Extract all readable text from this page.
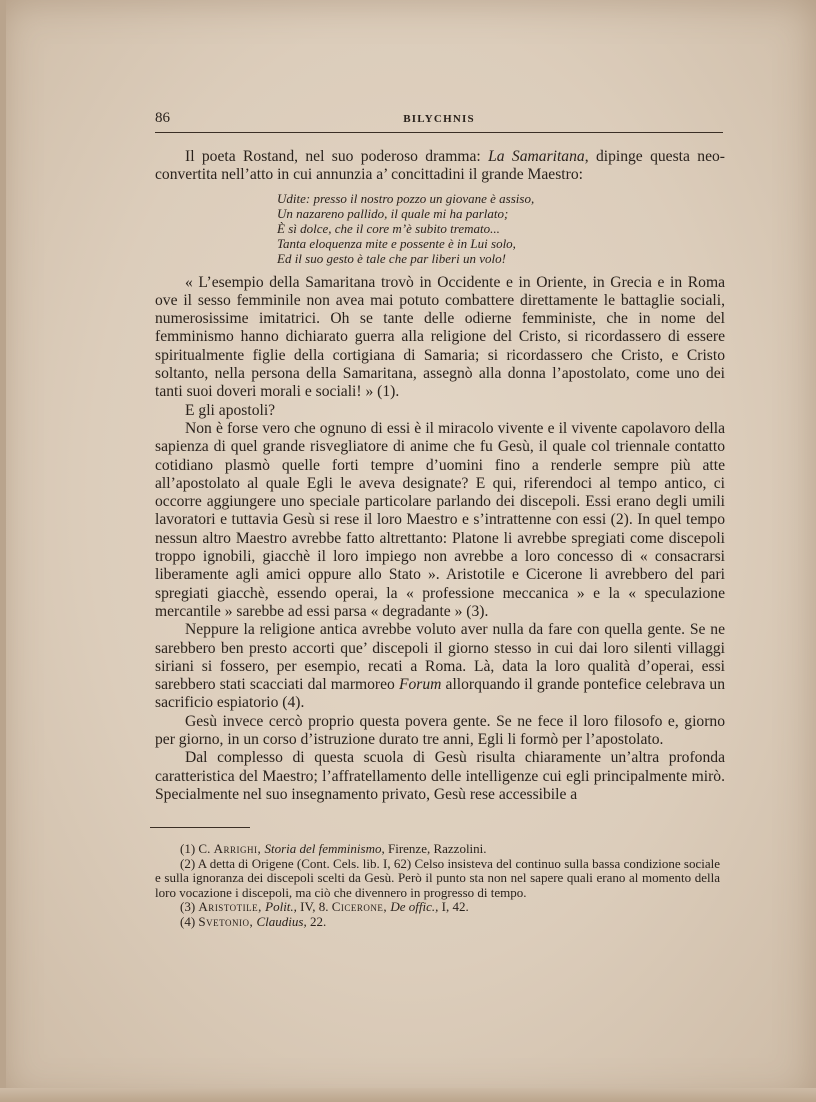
86	BILYCHNIS

Il poeta Rostand, nel suo poderoso dramma: La Samaritana, dipinge questa neo-convertita nell’atto in cui annunzia a’ concittadini il grande Maestro:

Udite: presso il nostro pozzo un giovane è assiso,
Un nazareno pallido, il quale mi ha parlato;
È sì dolce, che il core m’è subito tremato...
Tanta eloquenza mite e possente è in Lui solo,
Ed il suo gesto è tale che par liberi un volo!

« L’esempio della Samaritana trovò in Occidente e in Oriente, in Grecia e in Roma ove il sesso femminile non avea mai potuto combattere direttamente le battaglie sociali, numerosissime imitatrici. Oh se tante delle odierne femministe, che in nome del femminismo hanno dichiarato guerra alla religione del Cristo, si ricordassero di essere spiritualmente figlie della cortigiana di Samaria; si ricordassero che Cristo, e Cristo soltanto, nella persona della Samaritana, assegnò alla donna l’apostolato, come uno dei tanti suoi doveri morali e sociali! » (1).

E gli apostoli?

Non è forse vero che ognuno di essi è il miracolo vivente e il vivente capolavoro della sapienza di quel grande risvegliatore di anime che fu Gesù, il quale col triennale contatto cotidiano plasmò quelle forti tempre d’uomini fino a renderle sempre più atte all’apostolato al quale Egli le aveva designate? E qui, riferendoci al tempo antico, ci occorre aggiungere uno speciale particolare parlando dei discepoli. Essi erano degli umili lavoratori e tuttavia Gesù si rese il loro Maestro e s’intrattenne con essi (2). In quel tempo nessun altro Maestro avrebbe fatto altrettanto: Platone li avrebbe spregiati come discepoli troppo ignobili, giacchè il loro impiego non avrebbe a loro concesso di « consacrarsi liberamente agli amici oppure allo Stato ». Aristotile e Cicerone li avrebbero del pari spregiati giacchè, essendo operai, la « professione meccanica » e la « speculazione mercantile » sarebbe ad essi parsa « degradante » (3).

Neppure la religione antica avrebbe voluto aver nulla da fare con quella gente. Se ne sarebbero ben presto accorti que’ discepoli il giorno stesso in cui dai loro silenti villaggi siriani si fossero, per esempio, recati a Roma. Là, data la loro qualità d’operai, essi sarebbero stati scacciati dal marmoreo Forum allorquando il grande pontefice celebrava un sacrificio espiatorio (4).

Gesù invece cercò proprio questa povera gente. Se ne fece il loro filosofo e, giorno per giorno, in un corso d’istruzione durato tre anni, Egli li formò per l’apostolato.

Dal complesso di questa scuola di Gesù risulta chiaramente un’altra profonda caratteristica del Maestro; l’affratellamento delle intelligenze cui egli principalmente mirò. Specialmente nel suo insegnamento privato, Gesù rese accessibile a

(1) C. Arrighi, Storia del femminismo, Firenze, Razzolini.

(2) A detta di Origene (Cont. Cels. lib. I, 62) Celso insisteva del continuo sulla bassa condizione sociale e sulla ignoranza dei discepoli scelti da Gesù. Però il punto sta non nel sapere quali erano al momento della loro vocazione i discepoli, ma ciò che divennero in progresso di tempo.

(3) Aristotile, Polit., IV, 8. Cicerone, De offic., I, 42.

(4) Svetonio, Claudius, 22.
